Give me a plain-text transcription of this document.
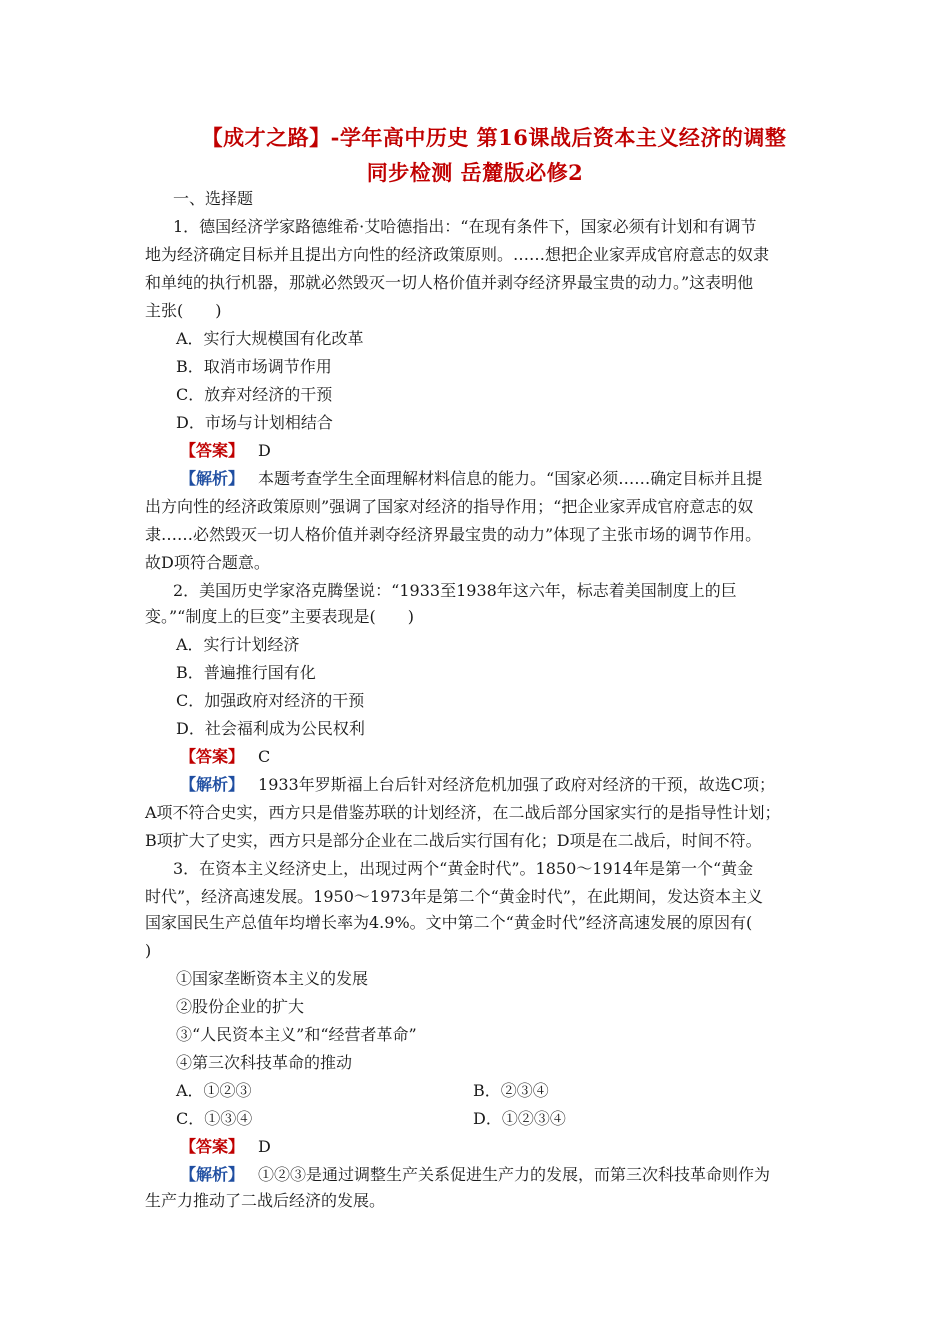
【成才之路】-学年高中历史 第16课战后资本主义经济的调整
同步检测 岳麓版必修2
一、选择题
1．德国经济学家路德维希·艾哈德指出：“在现有条件下，国家必须有计划和有调节
地为经济确定目标并且提出方向性的经济政策原则。……想把企业家弄成官府意志的奴隶
和单纯的执行机器，那就必然毁灭一切人格价值并剥夺经济界最宝贵的动力。”这表明他
主张(　　)
A．实行大规模国有化改革
B．取消市场调节作用
C．放弃对经济的干预
D．市场与计划相结合
【答案】 D
【解析】 本题考查学生全面理解材料信息的能力。“国家必须……确定目标并且提
出方向性的经济政策原则”强调了国家对经济的指导作用；“把企业家弄成官府意志的奴
隶……必然毁灭一切人格价值并剥夺经济界最宝贵的动力”体现了主张市场的调节作用。
故D项符合题意。
2．美国历史学家洛克腾堡说：“1933至1938年这六年，标志着美国制度上的巨
变。”“制度上的巨变”主要表现是(　　)
A．实行计划经济
B．普遍推行国有化
C．加强政府对经济的干预
D．社会福利成为公民权利
【答案】 C
【解析】 1933年罗斯福上台后针对经济危机加强了政府对经济的干预，故选C项；
A项不符合史实，西方只是借鉴苏联的计划经济，在二战后部分国家实行的是指导性计划；
B项扩大了史实，西方只是部分企业在二战后实行国有化；D项是在二战后，时间不符。
3．在资本主义经济史上，出现过两个“黄金时代”。1850～1914年是第一个“黄金
时代”，经济高速发展。1950～1973年是第二个“黄金时代”，在此期间，发达资本主义
国家国民生产总值年均增长率为4.9%。文中第二个“黄金时代”经济高速发展的原因有(
)
①国家垄断资本主义的发展
②股份企业的扩大
③“人民资本主义”和“经营者革命”
④第三次科技革命的推动
A．①②③	B．②③④
C．①③④	D．①②③④
【答案】 D
【解析】 ①②③是通过调整生产关系促进生产力的发展，而第三次科技革命则作为
生产力推动了二战后经济的发展。
